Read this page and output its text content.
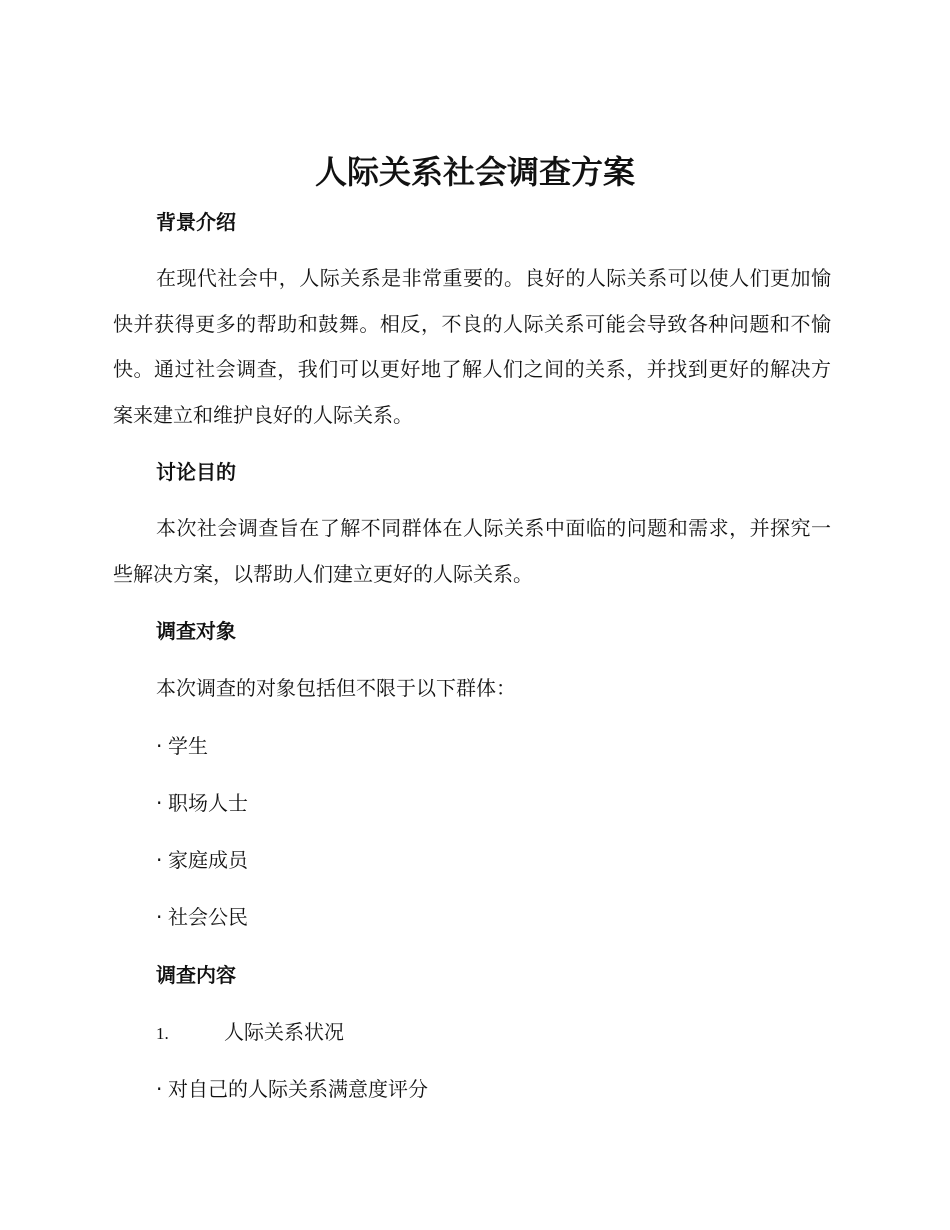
人际关系社会调查方案
背景介绍

在现代社会中，人际关系是非常重要的。良好的人际关系可以使人们更加愉快并获得更多的帮助和鼓舞。相反，不良的人际关系可能会导致各种问题和不愉快。通过社会调查，我们可以更好地了解人们之间的关系，并找到更好的解决方案来建立和维护良好的人际关系。

讨论目的

本次社会调查旨在了解不同群体在人际关系中面临的问题和需求，并探究一些解决方案，以帮助人们建立更好的人际关系。

调查对象

本次调查的对象包括但不限于以下群体：

· 学生

· 职场人士

· 家庭成员

· 社会公民

调查内容

1.	人际关系状况

· 对自己的人际关系满意度评分
